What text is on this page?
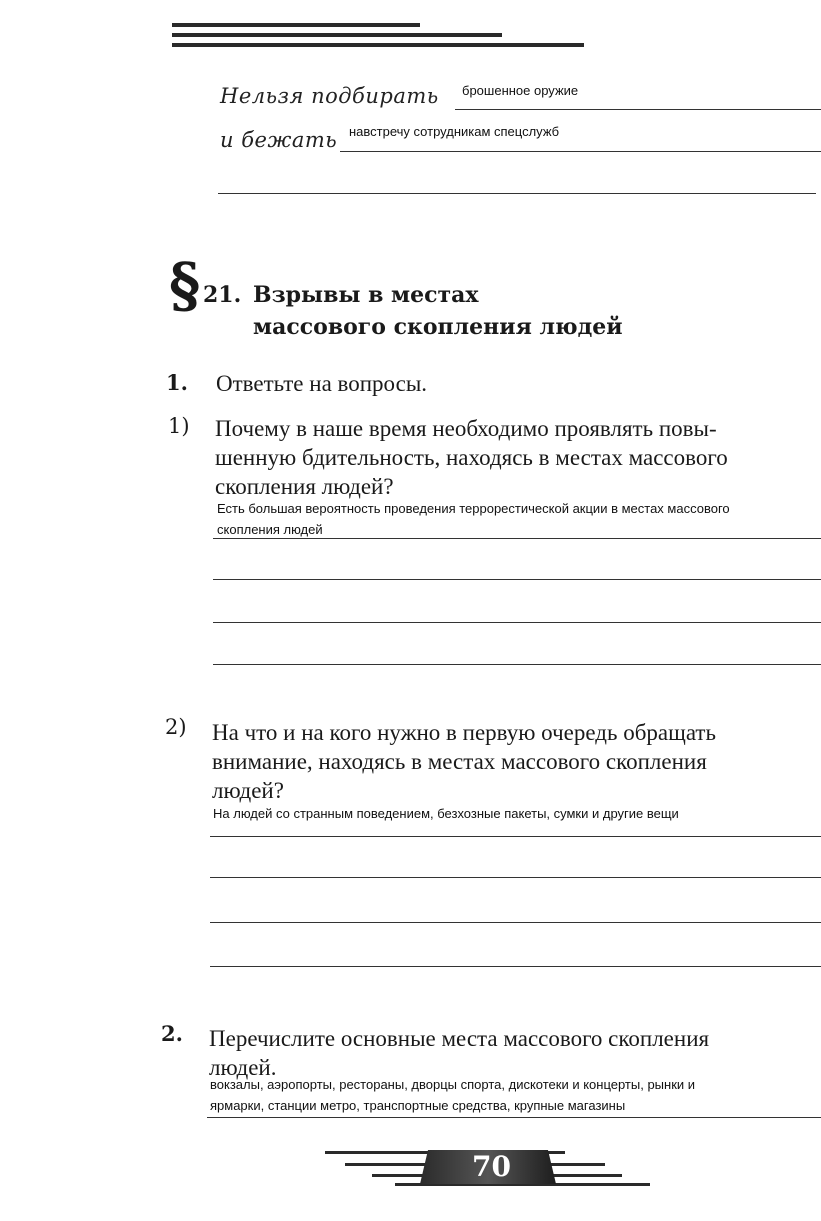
Нельзя подбирать брошенное оружие
и бежать навстречу сотрудникам спецслужб
§ 21. Взрывы в местах
массового скопления людей
1. Ответьте на вопросы.
1) Почему в наше время необходимо проявлять повы-
шенную бдительность, находясь в местах массового
скопления людей?
Есть большая вероятность проведения террорестической акции в местах массового
скопления людей
2) На что и на кого нужно в первую очередь обращать
внимание, находясь в местах массового скопления
людей?
На людей со странным поведением, безхозные пакеты, сумки и другие вещи
2. Перечислите основные места массового скопления
людей.
вокзалы, аэропорты, рестораны, дворцы спорта, дискотеки и концерты, рынки и
ярмарки, станции метро, транспортные средства, крупные магазины
70
